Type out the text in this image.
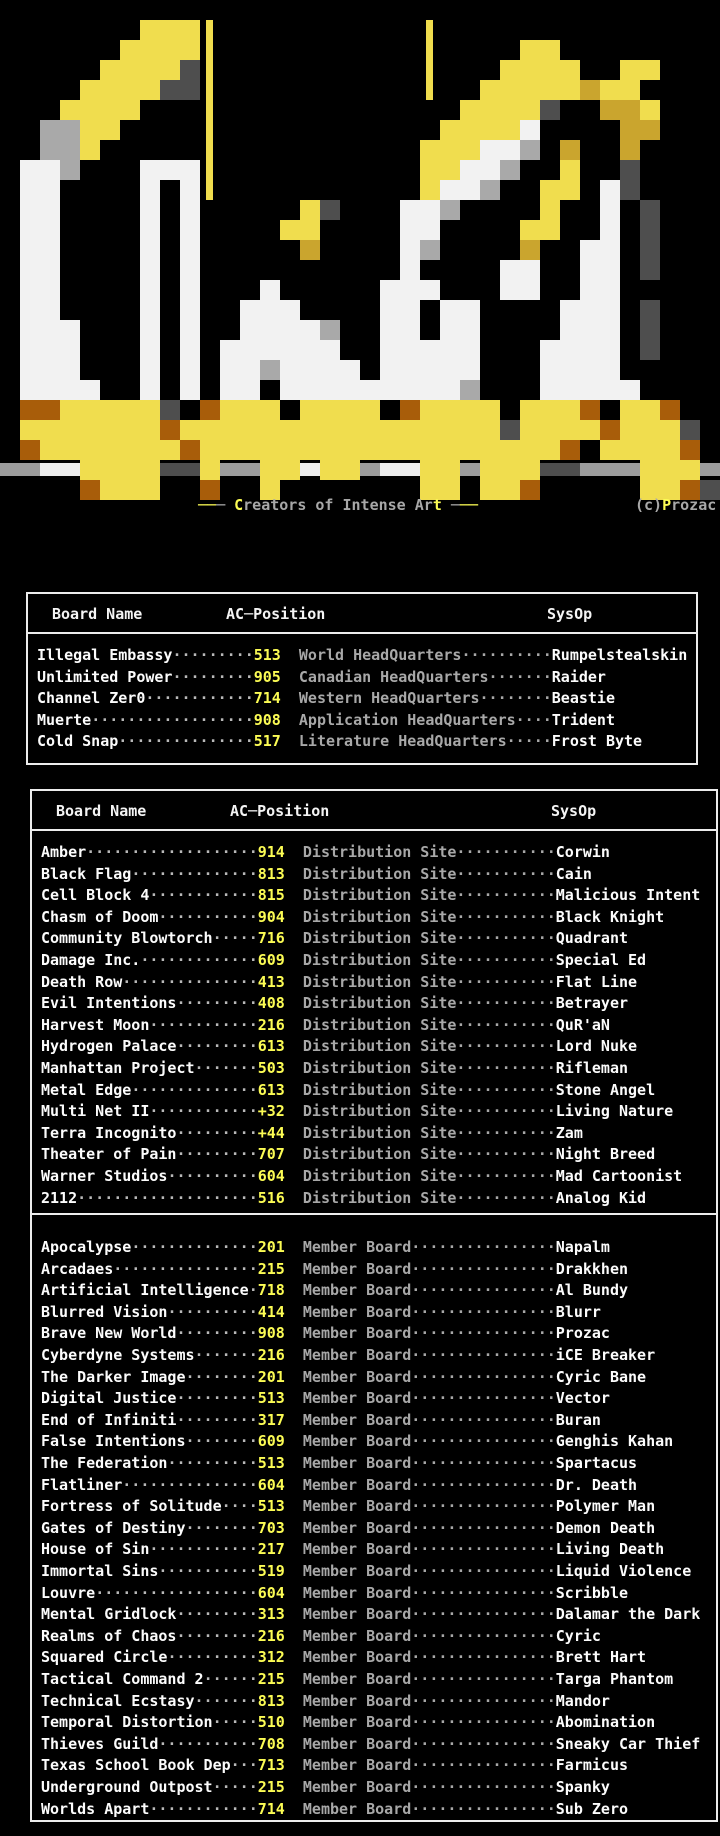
─── Creators of Intense Art ───	(c)Prozac
Board Name	AC─Position	SysOp
Illegal Embassy·········513  World HeadQuarters··········Rumpelstealskin
Unlimited Power·········905  Canadian HeadQuarters·······Raider
Channel Zer0············714  Western HeadQuarters········Beastie
Muerte··················908  Application HeadQuarters····Trident
Cold Snap···············517  Literature HeadQuarters·····Frost Byte
Board Name	AC─Position	SysOp
Amber···················914  Distribution Site···········Corwin
Black Flag··············813  Distribution Site···········Cain
Cell Block 4············815  Distribution Site···········Malicious Intent
Chasm of Doom···········904  Distribution Site···········Black Knight
Community Blowtorch·····716  Distribution Site···········Quadrant
Damage Inc.·············609  Distribution Site···········Special Ed
Death Row···············413  Distribution Site···········Flat Line
Evil Intentions·········408  Distribution Site···········Betrayer
Harvest Moon············216  Distribution Site···········QuR'aN
Hydrogen Palace·········613  Distribution Site···········Lord Nuke
Manhattan Project·······503  Distribution Site···········Rifleman
Metal Edge··············613  Distribution Site···········Stone Angel
Multi Net II············+32  Distribution Site···········Living Nature
Terra Incognito·········+44  Distribution Site···········Zam
Theater of Pain·········707  Distribution Site···········Night Breed
Warner Studios··········604  Distribution Site···········Mad Cartoonist
2112····················516  Distribution Site···········Analog Kid
Apocalypse··············201  Member Board················Napalm
Arcadaes················215  Member Board················Drakkhen
Artificial Intelligence·718  Member Board················Al Bundy
Blurred Vision··········414  Member Board················Blurr
Brave New World·········908  Member Board················Prozac
Cyberdyne Systems·······216  Member Board················iCE Breaker
The Darker Image········201  Member Board················Cyric Bane
Digital Justice·········513  Member Board················Vector
End of Infiniti·········317  Member Board················Buran
False Intentions········609  Member Board················Genghis Kahan
The Federation··········513  Member Board················Spartacus
Flatliner···············604  Member Board················Dr. Death
Fortress of Solitude····513  Member Board················Polymer Man
Gates of Destiny········703  Member Board················Demon Death
House of Sin············217  Member Board················Living Death
Immortal Sins···········519  Member Board················Liquid Violence
Louvre··················604  Member Board················Scribble
Mental Gridlock·········313  Member Board················Dalamar the Dark
Realms of Chaos·········216  Member Board················Cyric
Squared Circle··········312  Member Board················Brett Hart
Tactical Command 2······215  Member Board················Targa Phantom
Technical Ecstasy·······813  Member Board················Mandor
Temporal Distortion·····510  Member Board················Abomination
Thieves Guild···········708  Member Board················Sneaky Car Thief
Texas School Book Dep···713  Member Board················Farmicus
Underground Outpost·····215  Member Board················Spanky
Worlds Apart············714  Member Board················Sub Zero
